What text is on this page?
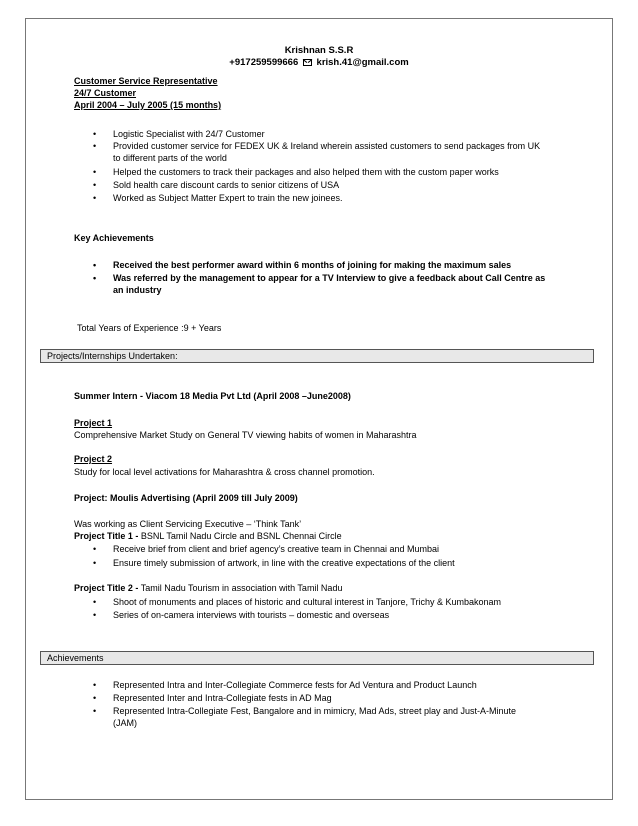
Krishnan S.S.R
+917259599666 krish.41@gmail.com
Customer Service Representative
24/7 Customer
April 2004 – July 2005 (15 months)
• Logistic Specialist with 24/7 Customer
• Provided customer service for FEDEX UK & Ireland wherein assisted customers to send packages from UK
to different parts of the world
• Helped the customers to track their packages and also helped them with the custom paper works
• Sold health care discount cards to senior citizens of USA
• Worked as Subject Matter Expert to train the new joinees.
Key Achievements
• Received the best performer award within 6 months of joining for making the maximum sales
• Was referred by the management to appear for a TV Interview to give a feedback about Call Centre as
an industry
Total Years of Experience :9 + Years
Projects/Internships Undertaken:
Summer Intern - Viacom 18 Media Pvt Ltd (April 2008 –June2008)
Project 1
Comprehensive Market Study on General TV viewing habits of women in Maharashtra
Project 2
Study for local level activations for Maharashtra & cross channel promotion.
Project: Moulis Advertising (April 2009 till July 2009)
Was working as Client Servicing Executive – ‘Think Tank’
Project Title 1 - BSNL Tamil Nadu Circle and BSNL Chennai Circle
• Receive brief from client and brief agency’s creative team in Chennai and Mumbai
• Ensure timely submission of artwork, in line with the creative expectations of the client
Project Title 2 - Tamil Nadu Tourism in association with Tamil Nadu
• Shoot of monuments and places of historic and cultural interest in Tanjore, Trichy & Kumbakonam
• Series of on-camera interviews with tourists – domestic and overseas
Achievements
• Represented Intra and Inter-Collegiate Commerce fests for Ad Ventura and Product Launch
• Represented Inter and Intra-Collegiate fests in AD Mag
• Represented Intra-Collegiate Fest, Bangalore and in mimicry, Mad Ads, street play and Just-A-Minute
(JAM)
